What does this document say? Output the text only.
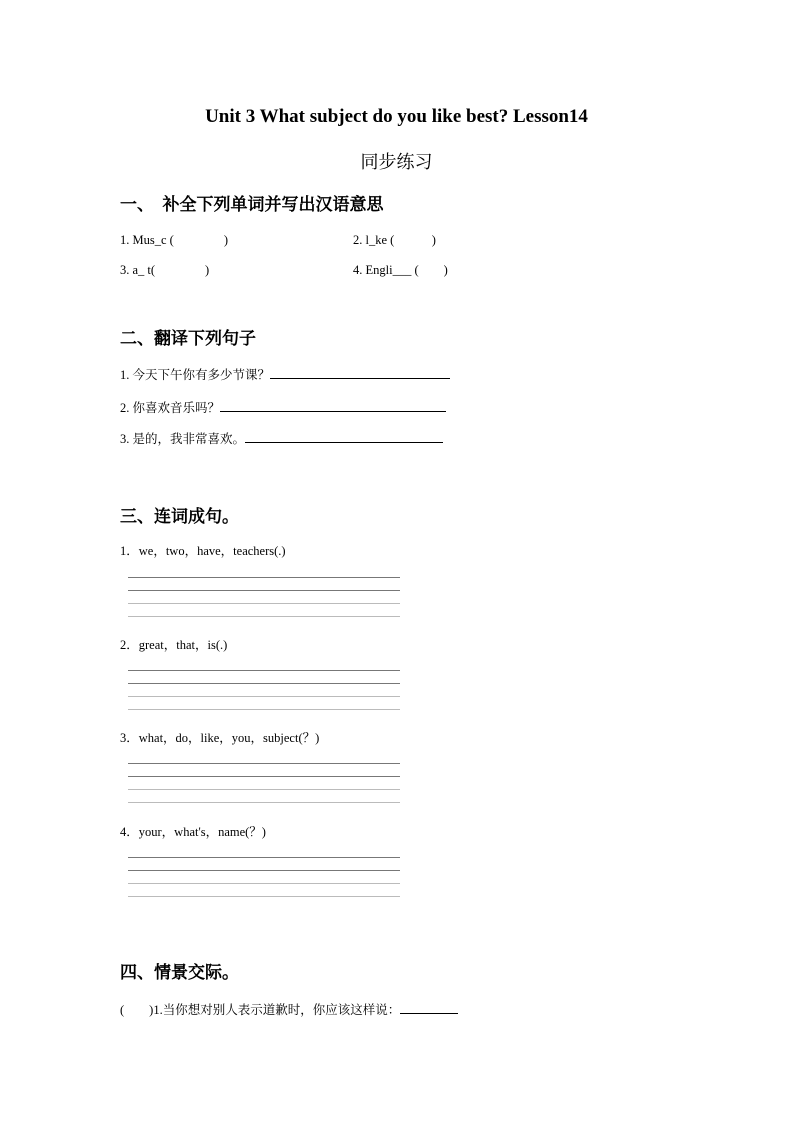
Unit 3 What subject do you like best? Lesson14
同步练习
一、　补全下列单词并写出汉语意思
1. Mus_c (　　　　)	2. l_ke (　　　)
3. a_ t(　　　　)	4. Engli___ (　　)
二、翻译下列句子
1. 今天下午你有多少节课？
2. 你喜欢音乐吗？
3. 是的，我非常喜欢。
三、连词成句。
1．we，two，have，teachers(.)
2．great，that，is(.)
3．what，do，like，you，subject(？)
4．your，what's，name(？)
四、情景交际。
(　　)1.当你想对别人表示道歉时，你应该这样说：
